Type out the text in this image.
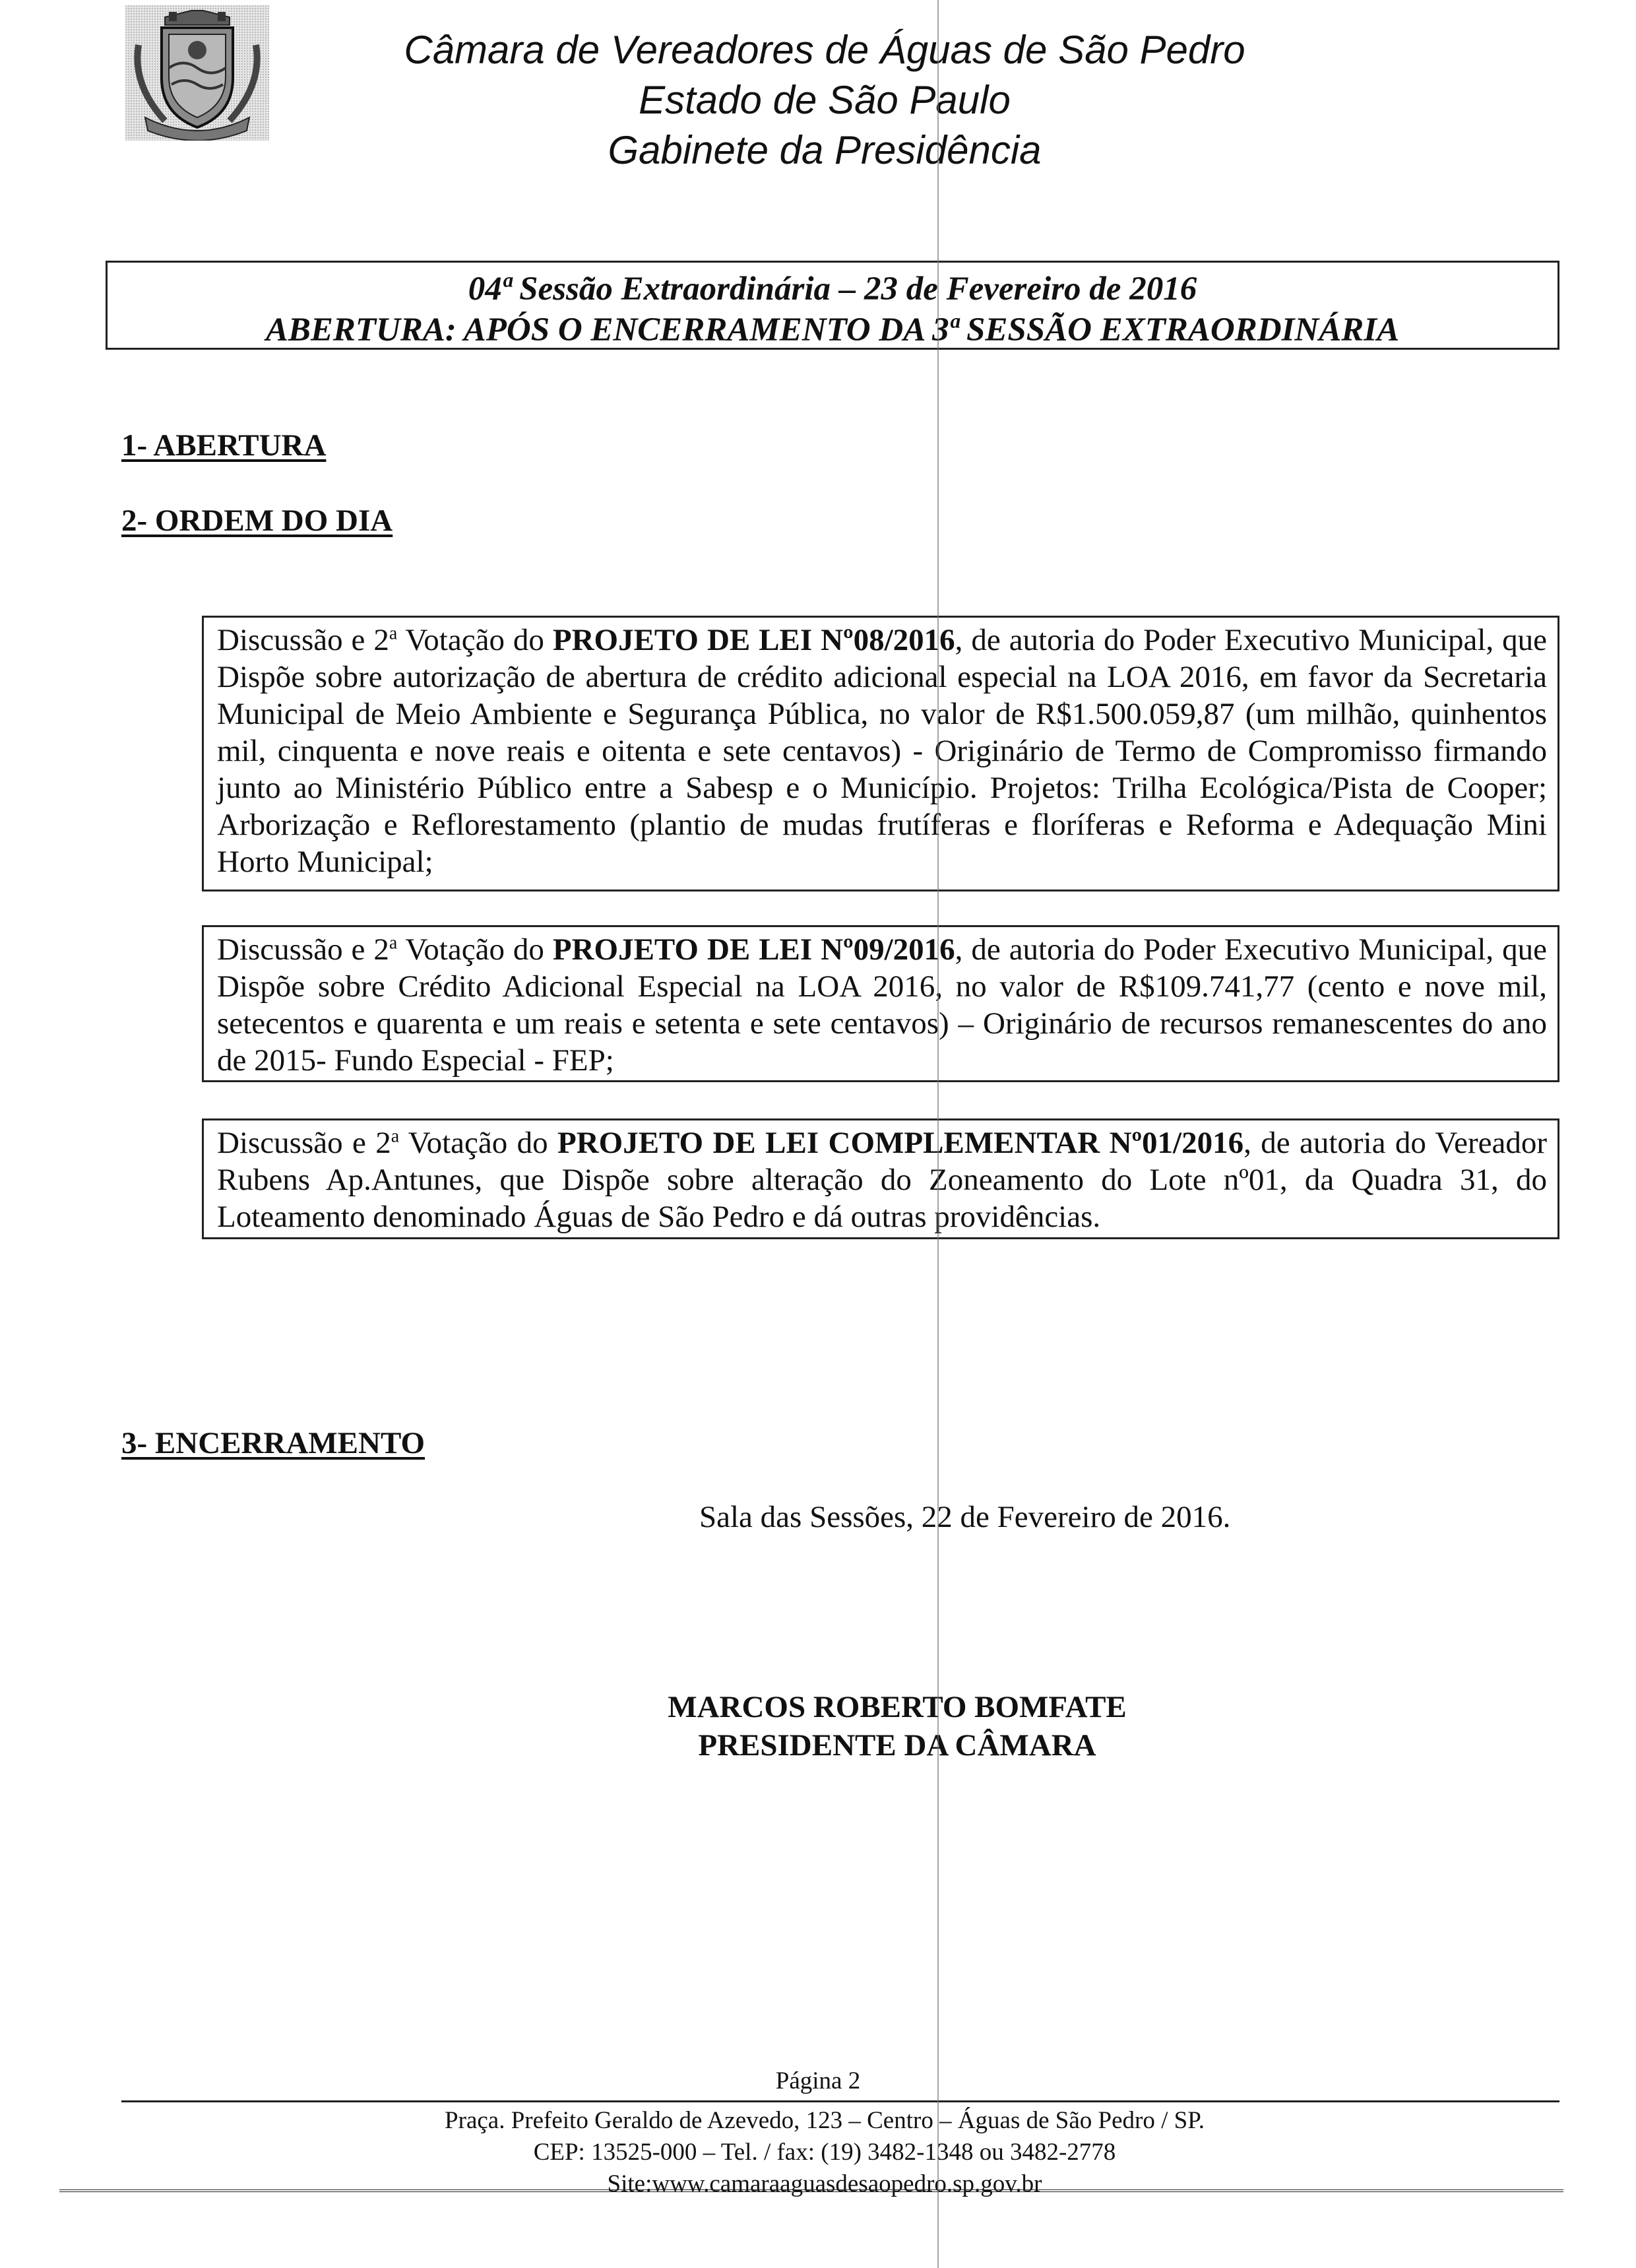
Câmara de Vereadores de Águas de São Pedro
Estado de São Paulo
Gabinete da Presidência
04ª Sessão Extraordinária – 23 de Fevereiro de 2016
ABERTURA: APÓS O ENCERRAMENTO DA 3ª SESSÃO EXTRAORDINÁRIA
1- ABERTURA
2- ORDEM DO DIA
Discussão e 2$^a$ Votação do PROJETO DE LEI Nº08/2016, de autoria do Poder Executivo Municipal, que Dispõe sobre autorização de abertura de crédito adicional especial na LOA 2016, em favor da Secretaria Municipal de Meio Ambiente e Segurança Pública, no valor de R$1.500.059,87 (um milhão, quinhentos mil, cinquenta e nove reais e oitenta e sete centavos) - Originário de Termo de Compromisso firmando junto ao Ministério Público entre a Sabesp e o Município. Projetos: Trilha Ecológica/Pista de Cooper; Arborização e Reflorestamento (plantio de mudas frutíferas e floríferas e Reforma e Adequação Mini Horto Municipal;
Discussão e 2$^a$ Votação do PROJETO DE LEI Nº09/2016, de autoria do Poder Executivo Municipal, que Dispõe sobre Crédito Adicional Especial na LOA 2016, no valor de R$109.741,77 (cento e nove mil, setecentos e quarenta e um reais e setenta e sete centavos) – Originário de recursos remanescentes do ano de 2015- Fundo Especial - FEP;
Discussão e 2$^a$ Votação do PROJETO DE LEI COMPLEMENTAR Nº01/2016, de autoria do Vereador Rubens Ap.Antunes, que Dispõe sobre alteração do Zoneamento do Lote nº01, da Quadra 31, do Loteamento denominado Águas de São Pedro e dá outras providências.
3- ENCERRAMENTO
Sala das Sessões, 22 de Fevereiro de 2016.
MARCOS ROBERTO BOMFATE
PRESIDENTE DA CÂMARA
Página 2
Praça. Prefeito Geraldo de Azevedo, 123 – Centro – Águas de São Pedro / SP.
CEP: 13525-000 – Tel. / fax: (19) 3482-1348 ou 3482-2778
Site:www.camaraaguasdesaopedro.sp.gov.br
